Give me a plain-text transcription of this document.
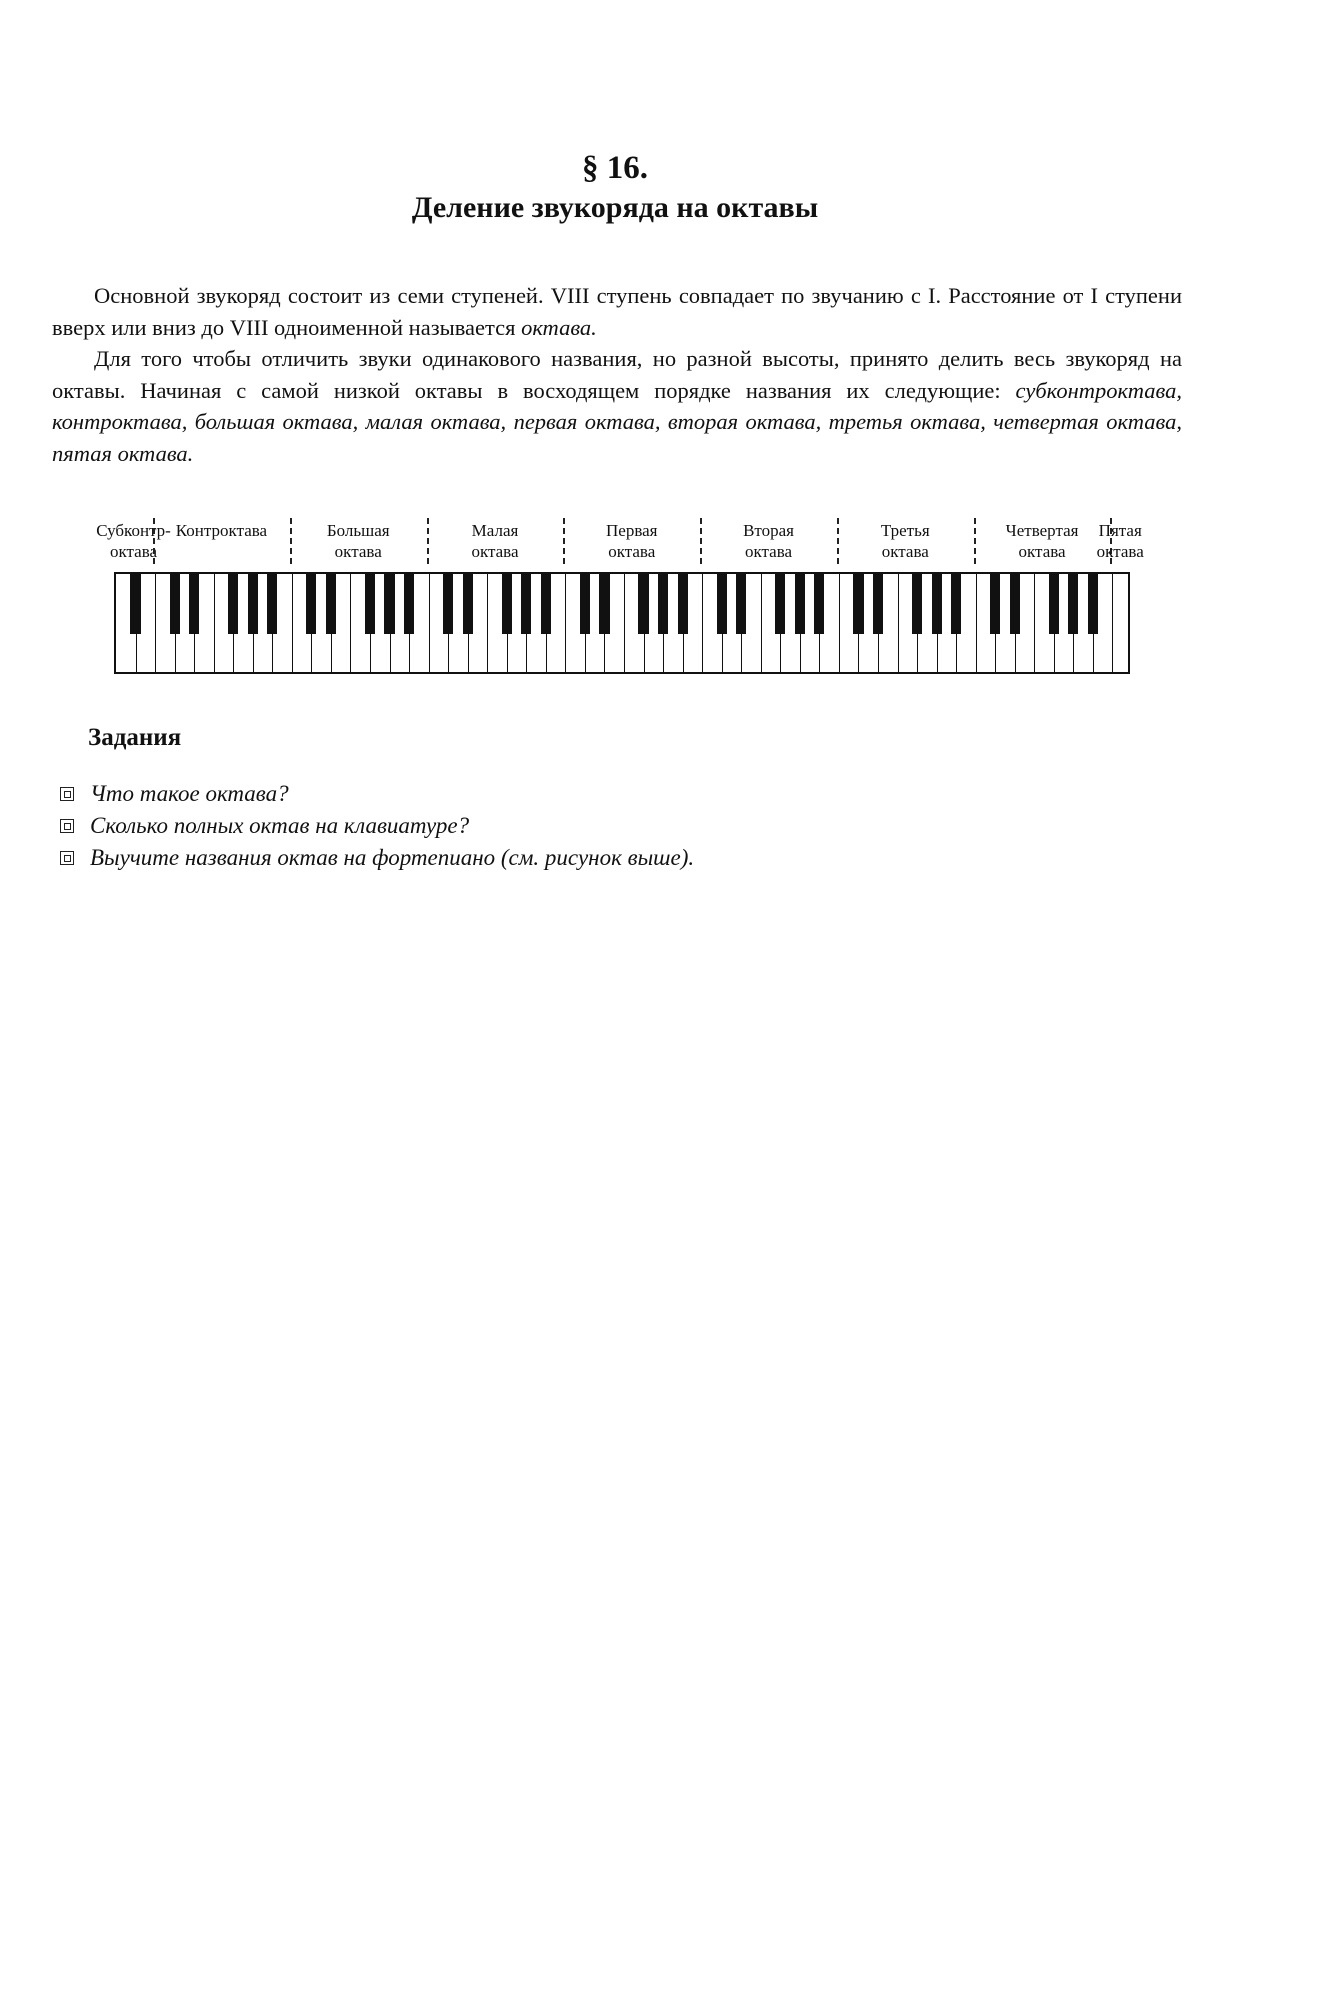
§ 16.
Деление звукоряда на октавы

Основной звукоряд состоит из семи ступеней. VIII ступень совпадает по звучанию с I. Расстояние от I ступени вверх или вниз до VIII одноименной называется октава.

Для того чтобы отличить звуки одинакового названия, но разной высоты, принято делить весь звукоряд на октавы. Начиная с самой низкой октавы в восходящем порядке названия их следующие: субконтроктава, контроктава, большая октава, малая октава, первая октава, вторая октава, третья октава, четвертая октава, пятая октава.

Субконтр-
октава
Контроктава	Большая
октава
Малая
октава
Первая
октава
Вторая
октава
Третья
октава
Четвертая
октава
Пятая
октава
Задания
Что такое октава?
Сколько полных октав на клавиатуре?
Выучите названия октав на фортепиано (см. рисунок выше).
